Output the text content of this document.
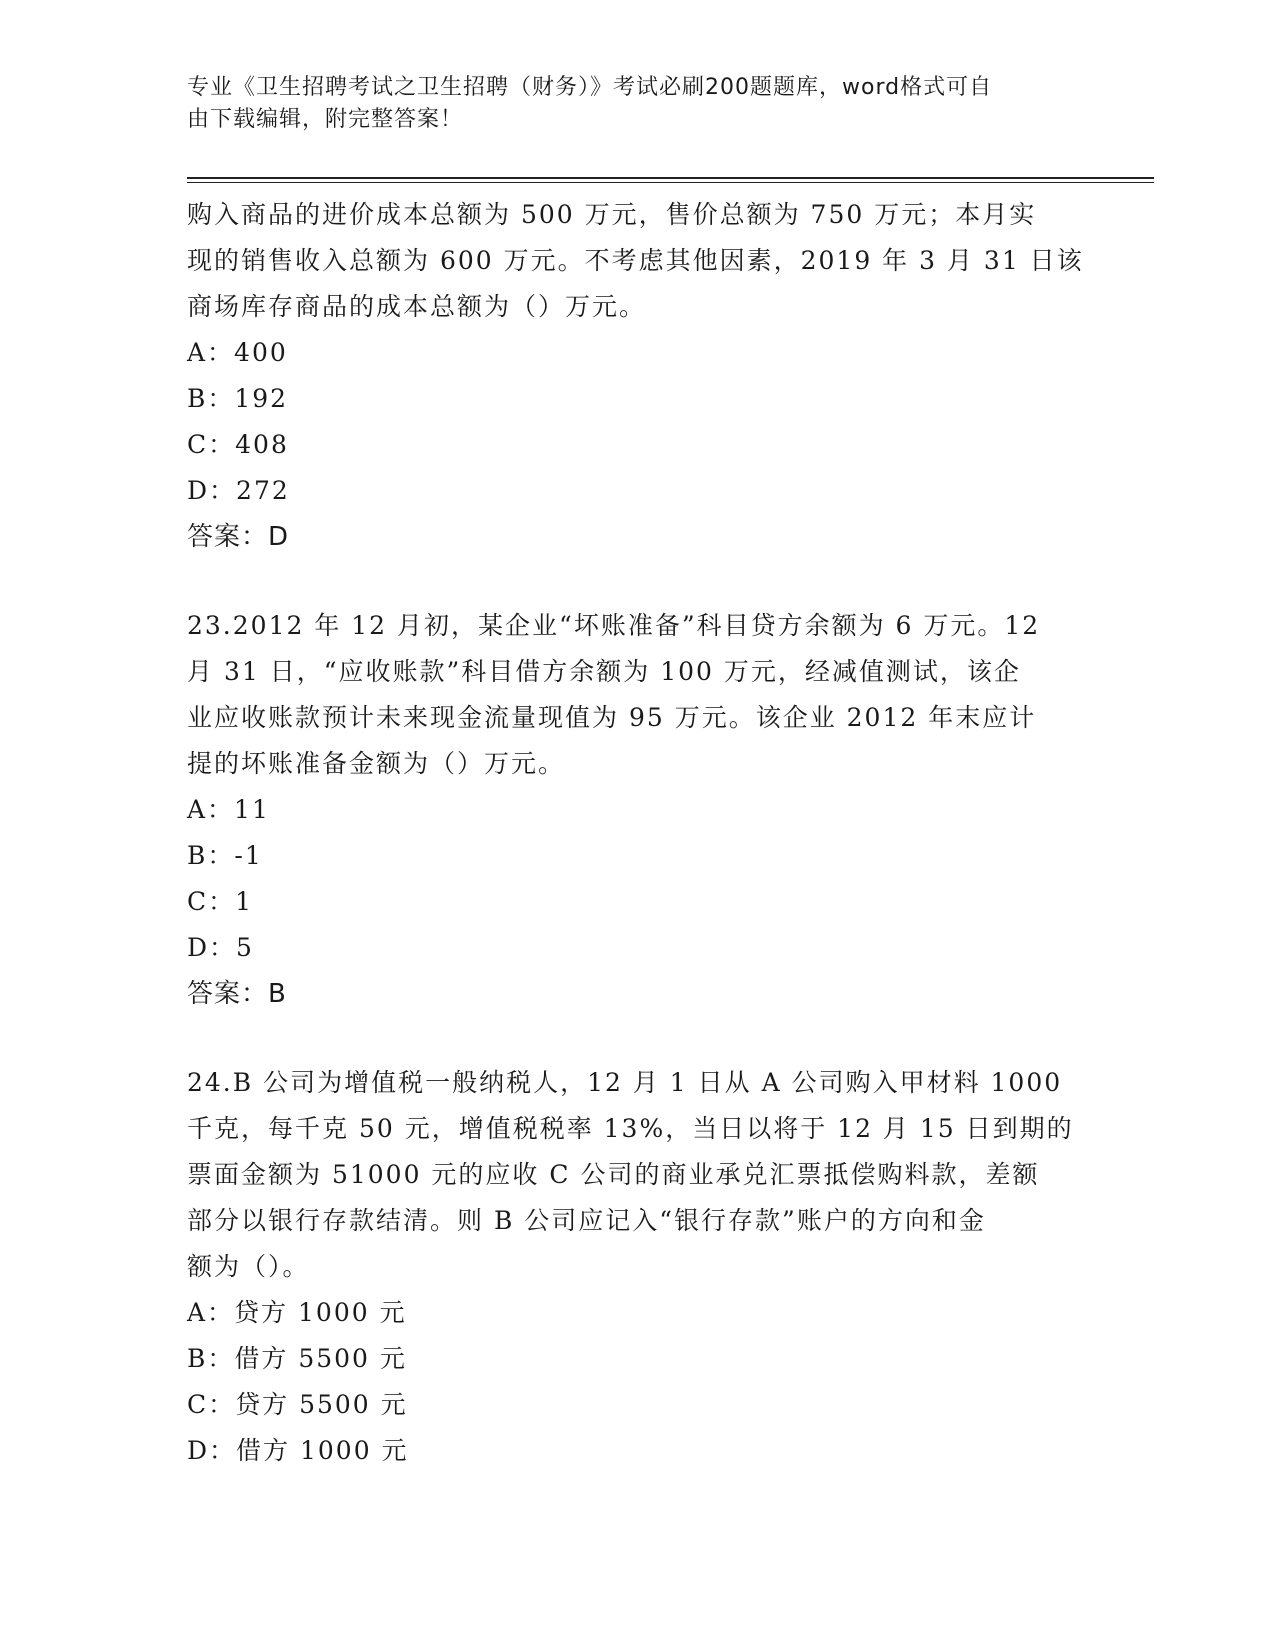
专业《卫生招聘考试之卫生招聘（财务）》考试必刷200题题库，word格式可自
由下载编辑，附完整答案！
购入商品的进价成本总额为 500 万元，售价总额为 750 万元；本月实
现的销售收入总额为 600 万元。不考虑其他因素，2019 年 3 月 31 日该
商场库存商品的成本总额为（）万元。
A：400
B：192
C：408
D：272
答案：D
23.2012 年 12 月初，某企业“坏账准备”科目贷方余额为 6 万元。12
月 31 日，“应收账款”科目借方余额为 100 万元，经减值测试，该企
业应收账款预计未来现金流量现值为 95 万元。该企业 2012 年末应计
提的坏账准备金额为（）万元。
A：11
B：-1
C：1
D：5
答案：B
24.B 公司为增值税一般纳税人，12 月 1 日从 A 公司购入甲材料 1000
千克，每千克 50 元，增值税税率 13%，当日以将于 12 月 15 日到期的
票面金额为 51000 元的应收 C 公司的商业承兑汇票抵偿购料款，差额
部分以银行存款结清。则 B 公司应记入“银行存款”账户的方向和金
额为（）。
A：贷方 1000 元
B：借方 5500 元
C：贷方 5500 元
D：借方 1000 元
